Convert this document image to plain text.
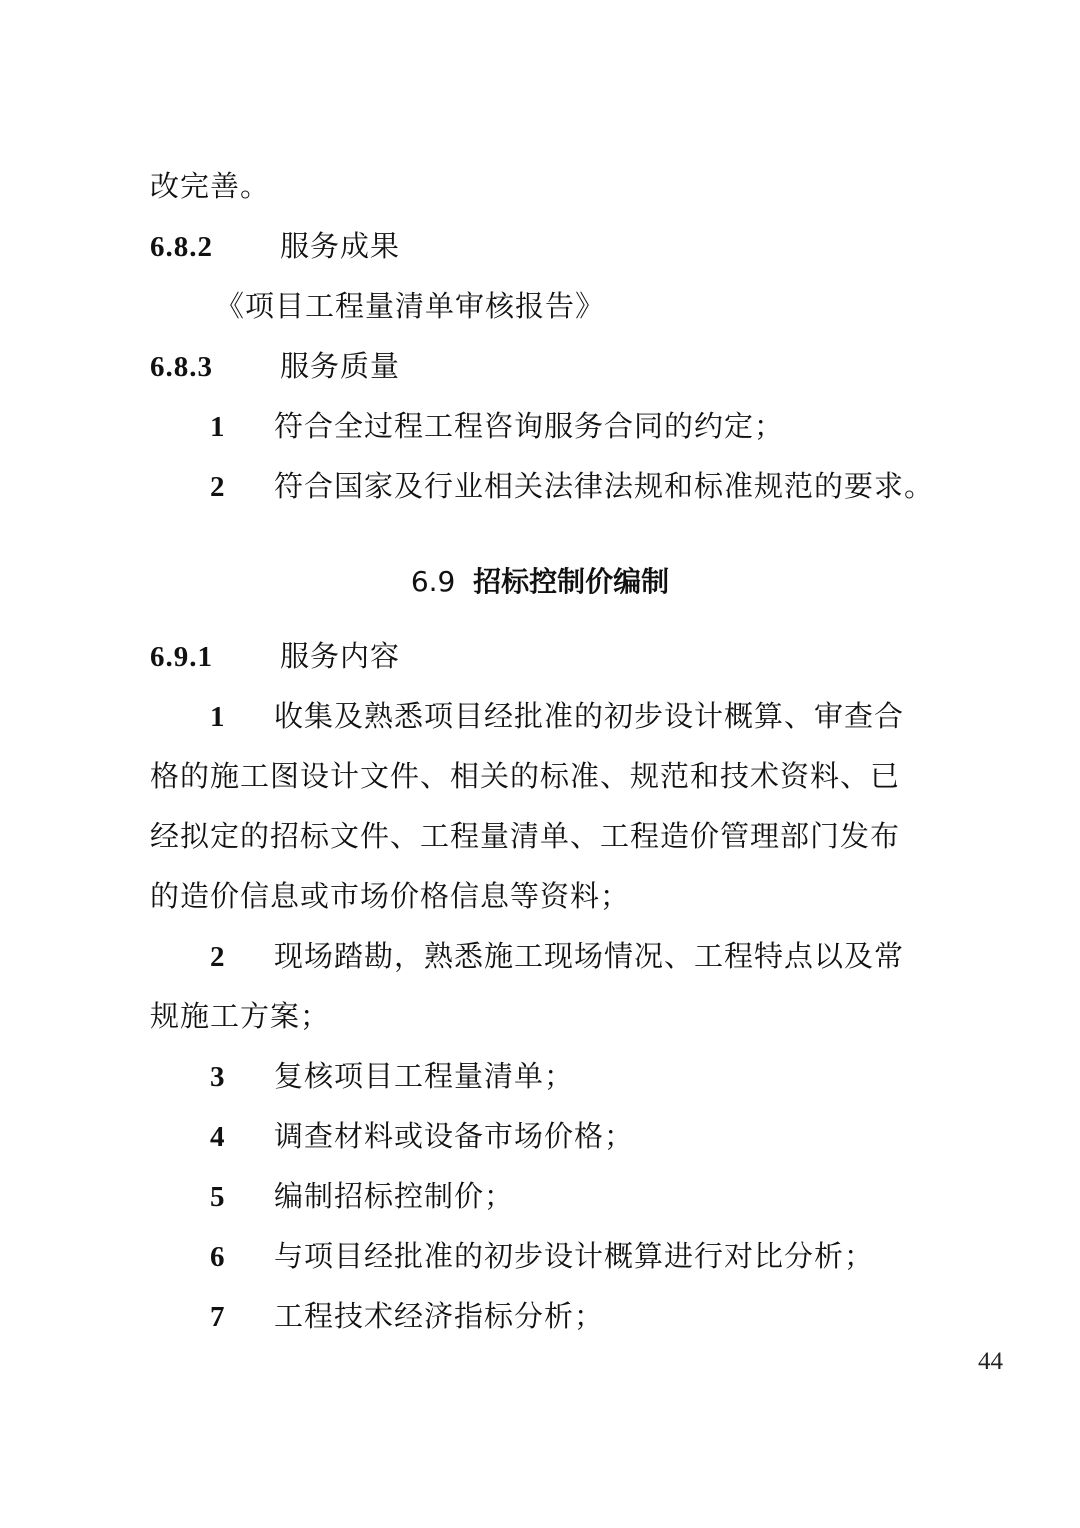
改完善。
6.8.2 服务成果
《项目工程量清单审核报告》
6.8.3 服务质量
1 符合全过程工程咨询服务合同的约定；
2 符合国家及行业相关法律法规和标准规范的要求。
6.9 招标控制价编制
6.9.1 服务内容
1 收集及熟悉项目经批准的初步设计概算、审查合
格的施工图设计文件、相关的标准、规范和技术资料、已
经拟定的招标文件、工程量清单、工程造价管理部门发布
的造价信息或市场价格信息等资料；
2 现场踏勘，熟悉施工现场情况、工程特点以及常
规施工方案；
3 复核项目工程量清单；
4 调查材料或设备市场价格；
5 编制招标控制价；
6 与项目经批准的初步设计概算进行对比分析；
7 工程技术经济指标分析；
44
